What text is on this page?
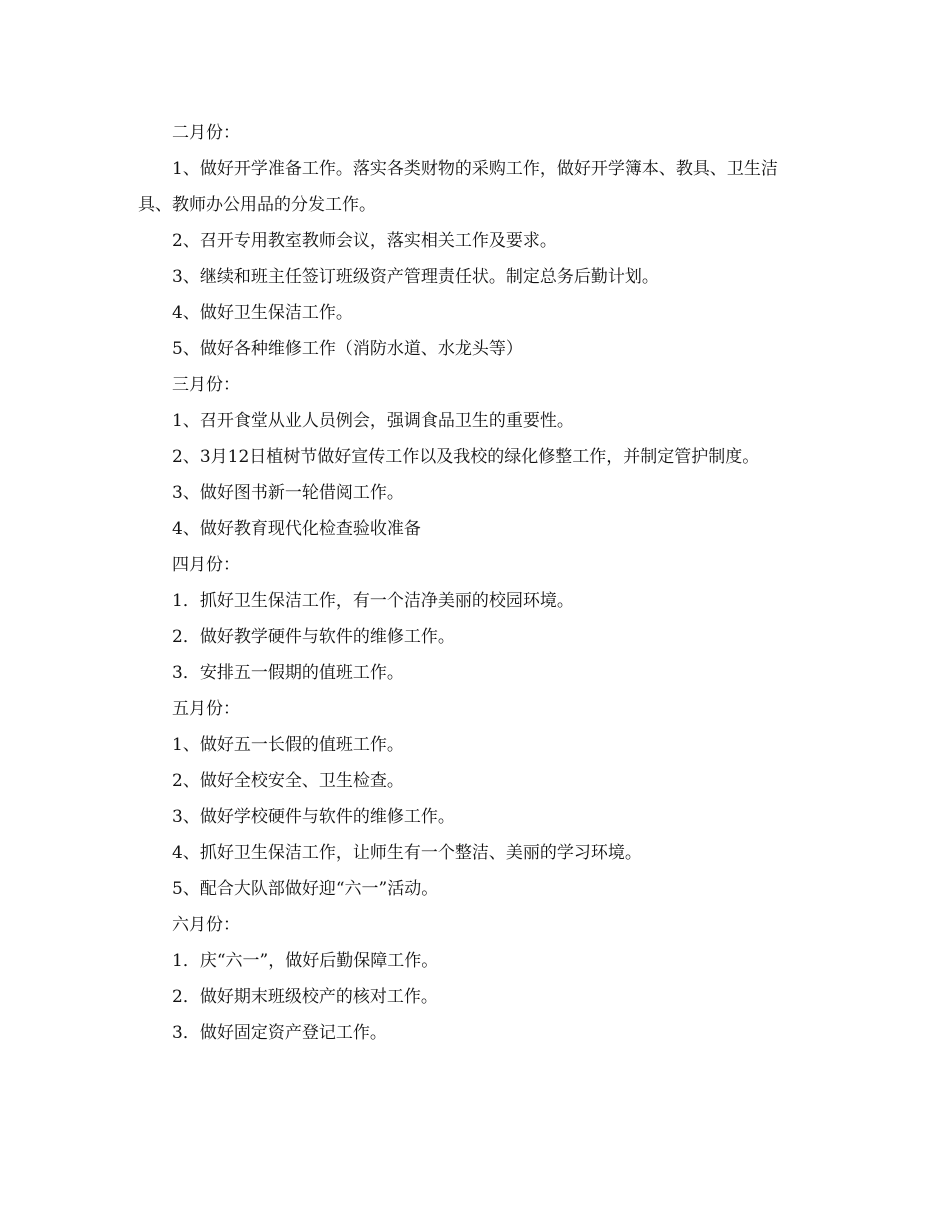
二月份：

1、做好开学准备工作。落实各类财物的采购工作，做好开学簿本、教具、卫生洁具、教师办公用品的分发工作。

2、召开专用教室教师会议，落实相关工作及要求。

3、继续和班主任签订班级资产管理责任状。制定总务后勤计划。

4、做好卫生保洁工作。

5、做好各种维修工作（消防水道、水龙头等）

三月份：

1、召开食堂从业人员例会，强调食品卫生的重要性。

2、3月12日植树节做好宣传工作以及我校的绿化修整工作，并制定管护制度。

3、做好图书新一轮借阅工作。

4、做好教育现代化检查验收准备

四月份：

1．抓好卫生保洁工作，有一个洁净美丽的校园环境。

2．做好教学硬件与软件的维修工作。

3．安排五一假期的值班工作。

五月份：

1、做好五一长假的值班工作。

2、做好全校安全、卫生检查。

3、做好学校硬件与软件的维修工作。

4、抓好卫生保洁工作，让师生有一个整洁、美丽的学习环境。

5、配合大队部做好迎“六一”活动。

六月份：

1．庆“六一”，做好后勤保障工作。

2．做好期末班级校产的核对工作。

3．做好固定资产登记工作。
